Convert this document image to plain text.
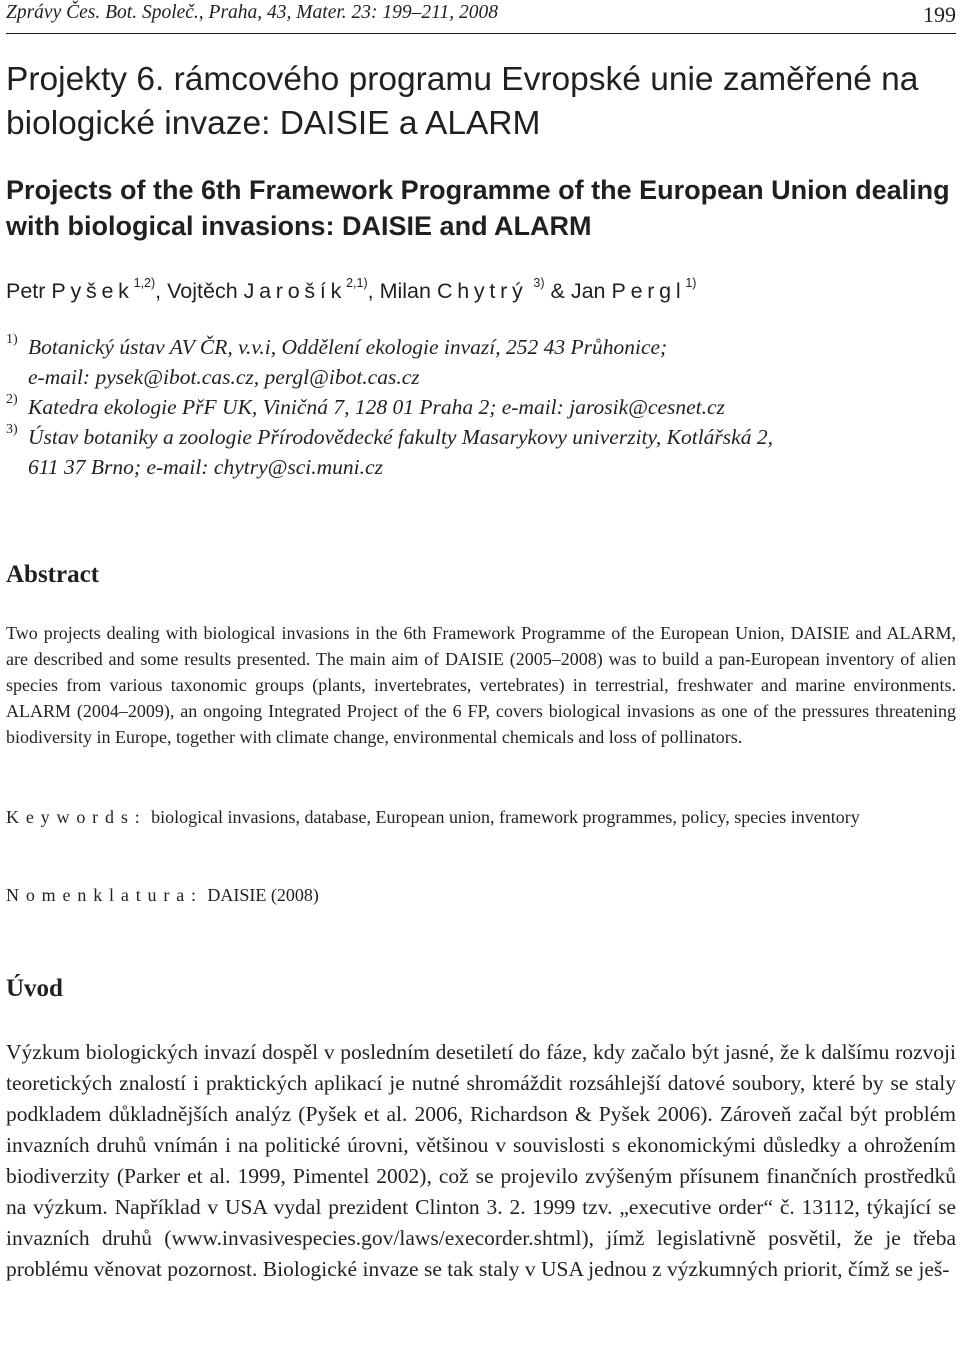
Zprávy Čes. Bot. Společ., Praha, 43, Mater. 23: 199–211, 2008	199
Projekty 6. rámcového programu Evropské unie zaměřené na biologické invaze: DAISIE a ALARM
Projects of the 6th Framework Programme of the European Union dealing with biological invasions: DAISIE and ALARM
Petr Pyšek$^{1,2)}$, Vojtěch Jarošík$^{2,1)}$, Milan Chytrý $^{3)}$ & Jan Pergl$^{1)}$
1) Botanický ústav AV ČR, v.v.i, Oddělení ekologie invazí, 252 43 Průhonice;
e-mail: pysek@ibot.cas.cz, pergl@ibot.cas.cz
2) Katedra ekologie PřF UK, Viničná 7, 128 01 Praha 2; e-mail: jarosik@cesnet.cz
3) Ústav botaniky a zoologie Přírodovědecké fakulty Masarykovy univerzity, Kotlářská 2,
611 37 Brno; e-mail: chytry@sci.muni.cz
Abstract

Two projects dealing with biological invasions in the 6th Framework Programme of the European Union, DAISIE and ALARM, are described and some results presented. The main aim of DAISIE (2005–2008) was to build a pan-European inventory of alien species from various taxonomic groups (plants, invertebrates, vertebrates) in terrestrial, freshwater and marine environments. ALARM (2004–2009), an ongoing Integrated Project of the 6 FP, covers biological invasions as one of the pressures threatening biodiversity in Europe, together with climate change, environmental chemicals and loss of pollinators.

Keywords: biological invasions, database, European union, framework programmes, policy, species inventory

Nomenklatura: DAISIE (2008)

Úvod

Výzkum biologických invazí dospěl v posledním desetiletí do fáze, kdy začalo být jasné, že k dalšímu rozvoji teoretických znalostí i praktických aplikací je nutné shromáždit rozsáhlejší datové soubory, které by se staly podkladem důkladnějších analýz (Pyšek et al. 2006, Richardson & Pyšek 2006). Zároveň začal být problém invazních druhů vnímán i na politické úrovni, většinou v souvislosti s ekonomickými důsledky a ohrožením biodiverzity (Parker et al. 1999, Pimentel 2002), což se projevilo zvýšeným přísunem finančních prostředků na výzkum. Například v USA vydal prezident Clinton 3. 2. 1999 tzv. „executive order“ č. 13112, týkající se invazních druhů (www.invasivespecies.gov/laws/execorder.shtml), jímž legislativně posvětil, že je třeba problému věnovat pozornost. Biologické invaze se tak staly v USA jednou z výzkumných priorit, čímž se ješ-
